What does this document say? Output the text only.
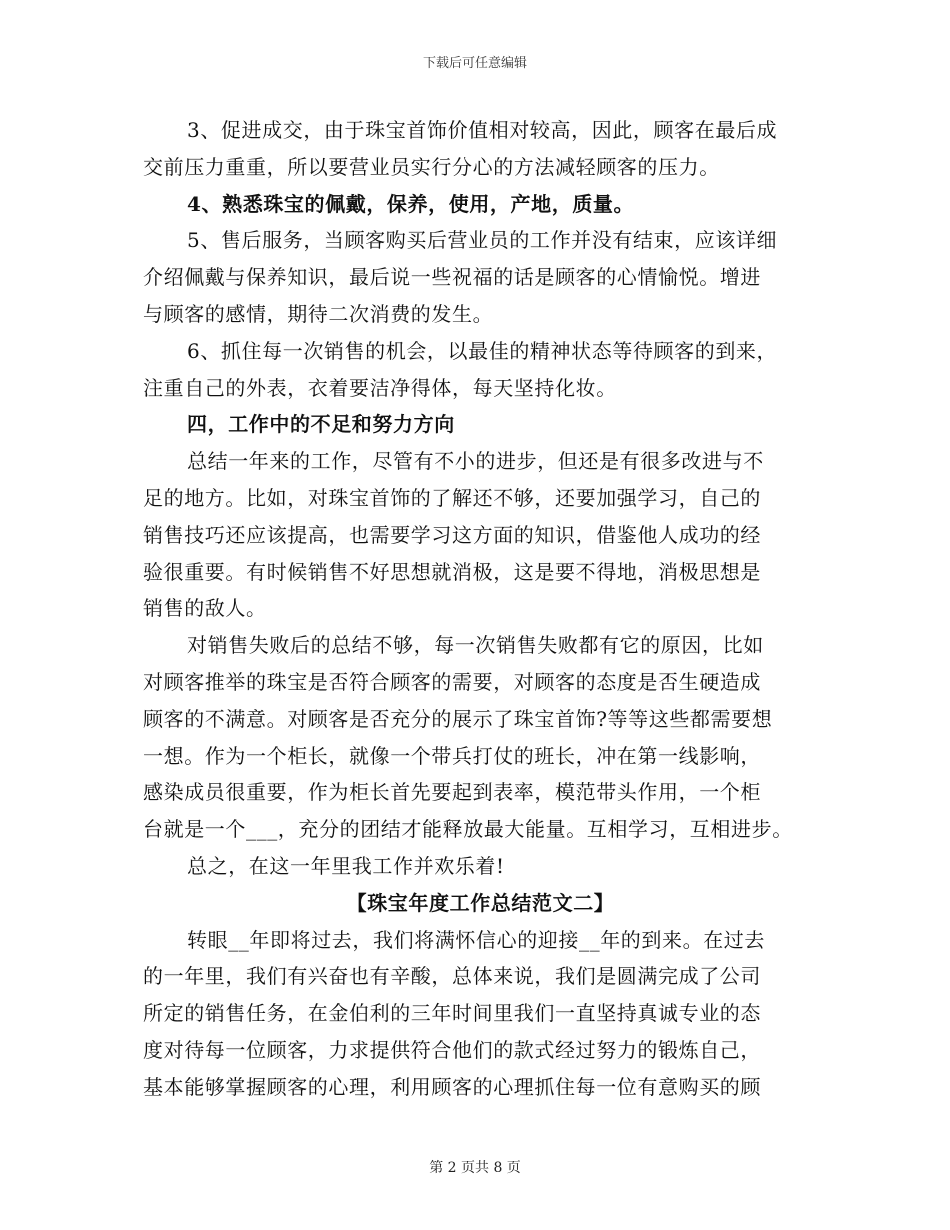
下载后可任意编辑
3、促进成交，由于珠宝首饰价值相对较高，因此，顾客在最后成
交前压力重重，所以要营业员实行分心的方法减轻顾客的压力。
4、熟悉珠宝的佩戴，保养，使用，产地，质量。
5、售后服务，当顾客购买后营业员的工作并没有结束，应该详细
介绍佩戴与保养知识，最后说一些祝福的话是顾客的心情愉悦。增进
与顾客的感情，期待二次消费的发生。
6、抓住每一次销售的机会，以最佳的精神状态等待顾客的到来，
注重自己的外表，衣着要洁净得体，每天坚持化妆。
四，工作中的不足和努力方向
总结一年来的工作，尽管有不小的进步，但还是有很多改进与不
足的地方。比如，对珠宝首饰的了解还不够，还要加强学习，自己的
销售技巧还应该提高，也需要学习这方面的知识，借鉴他人成功的经
验很重要。有时候销售不好思想就消极，这是要不得地，消极思想是
销售的敌人。
对销售失败后的总结不够，每一次销售失败都有它的原因，比如
对顾客推举的珠宝是否符合顾客的需要，对顾客的态度是否生硬造成
顾客的不满意。对顾客是否充分的展示了珠宝首饰?等等这些都需要想
一想。作为一个柜长，就像一个带兵打仗的班长，冲在第一线影响，
感染成员很重要，作为柜长首先要起到表率，模范带头作用，一个柜
台就是一个___，充分的团结才能释放最大能量。互相学习，互相进步。
总之，在这一年里我工作并欢乐着!
【珠宝年度工作总结范文二】
转眼__年即将过去，我们将满怀信心的迎接__年的到来。在过去
的一年里，我们有兴奋也有辛酸，总体来说，我们是圆满完成了公司
所定的销售任务，在金伯利的三年时间里我们一直坚持真诚专业的态
度对待每一位顾客，力求提供符合他们的款式经过努力的锻炼自己，
基本能够掌握顾客的心理，利用顾客的心理抓住每一位有意购买的顾
第 2 页共 8 页
